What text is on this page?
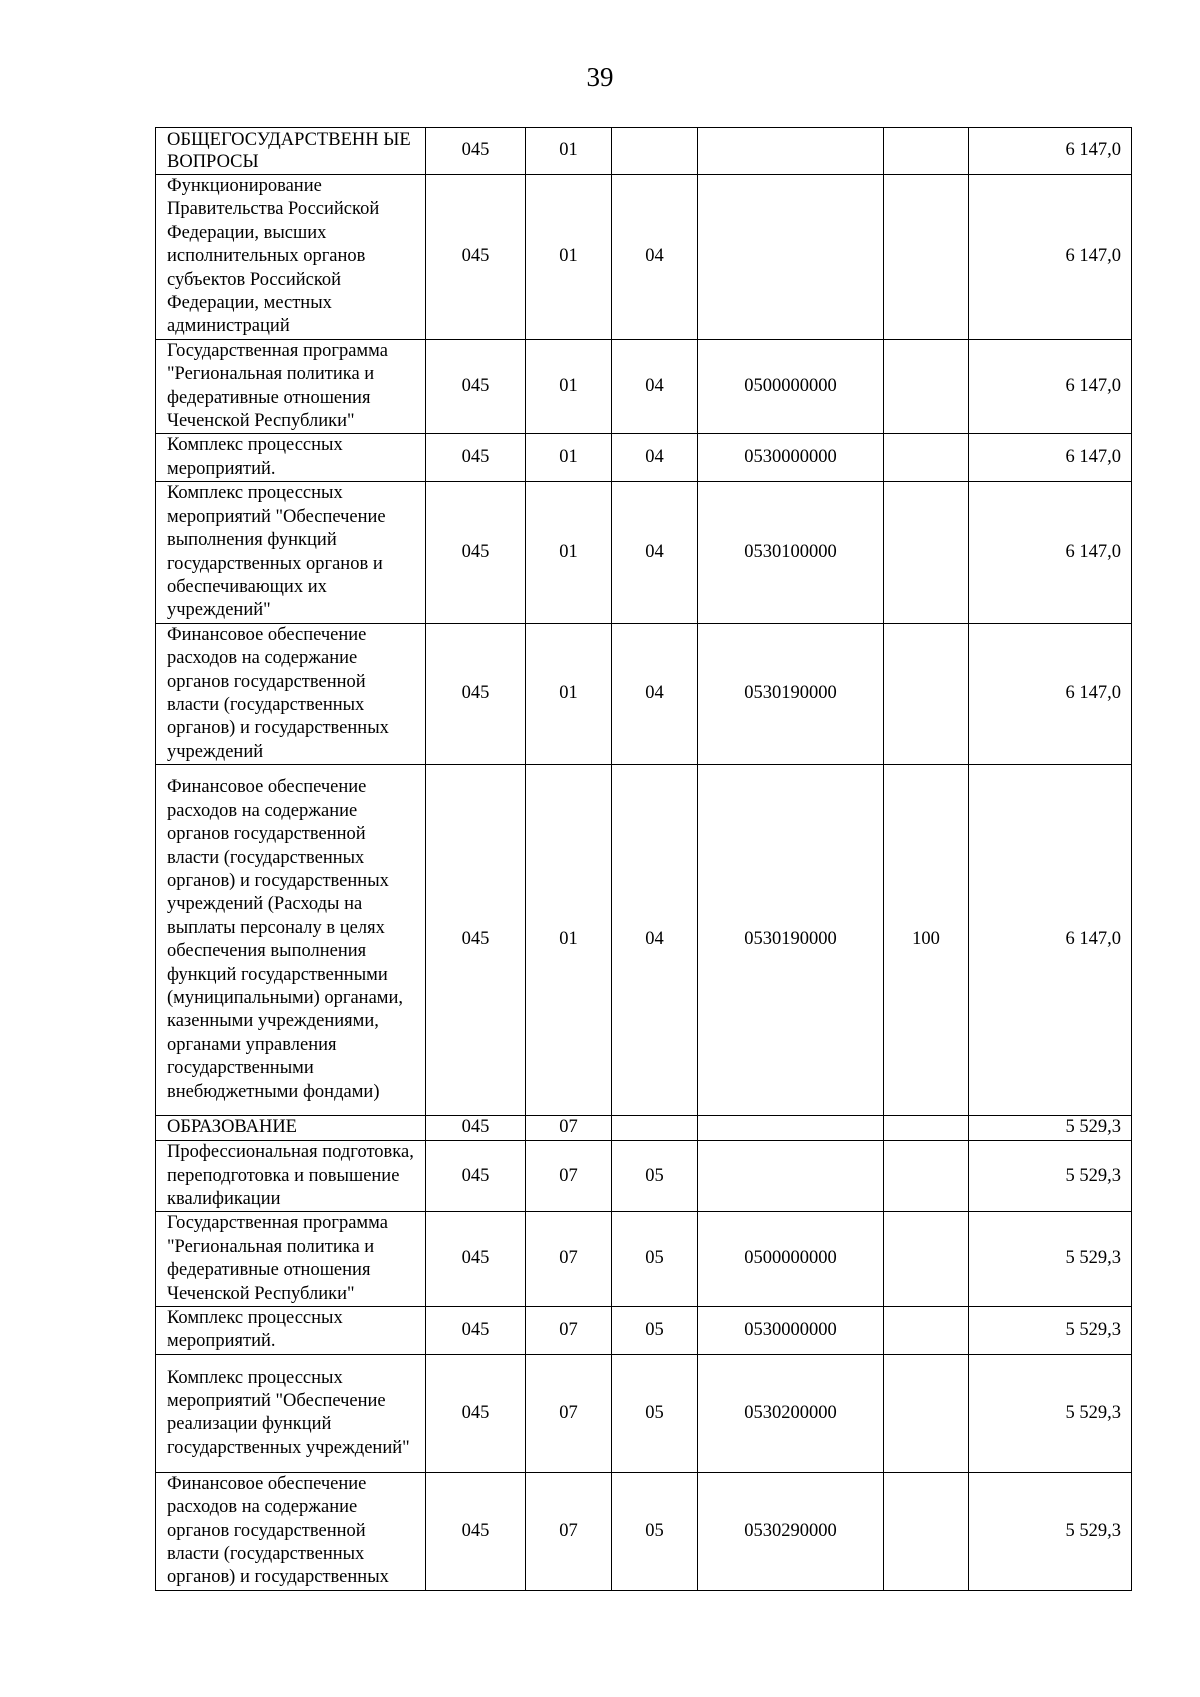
39
ОБЩЕГОСУДАРСТВЕНН ЫЕ ВОПРОСЫ	045	01				6 147,0
Функционирование Правительства Российской Федерации, высших исполнительных органов субъектов Российской Федерации, местных администраций	045	01	04			6 147,0
Государственная программа "Региональная политика и федеративные отношения Чеченской Республики"	045	01	04	0500000000		6 147,0
Комплекс процессных мероприятий.	045	01	04	0530000000		6 147,0
Комплекс процессных мероприятий "Обеспечение выполнения функций государственных органов и обеспечивающих их учреждений"	045	01	04	0530100000		6 147,0
Финансовое обеспечение расходов на содержание органов государственной власти (государственных органов) и государственных учреждений	045	01	04	0530190000		6 147,0
Финансовое обеспечение расходов на содержание органов государственной власти (государственных органов) и государственных учреждений (Расходы на выплаты персоналу в целях обеспечения выполнения функций государственными (муниципальными) органами, казенными учреждениями, органами управления государственными внебюджетными фондами)	045	01	04	0530190000	100	6 147,0
ОБРАЗОВАНИЕ	045	07				5 529,3
Профессиональная подготовка, переподготовка и повышение квалификации	045	07	05			5 529,3
Государственная программа "Региональная политика и федеративные отношения Чеченской Республики"	045	07	05	0500000000		5 529,3
Комплекс процессных мероприятий.	045	07	05	0530000000		5 529,3
Комплекс процессных мероприятий "Обеспечение реализации функций государственных учреждений"	045	07	05	0530200000		5 529,3
Финансовое обеспечение расходов на содержание органов государственной власти (государственных органов) и государственных	045	07	05	0530290000		5 529,3
